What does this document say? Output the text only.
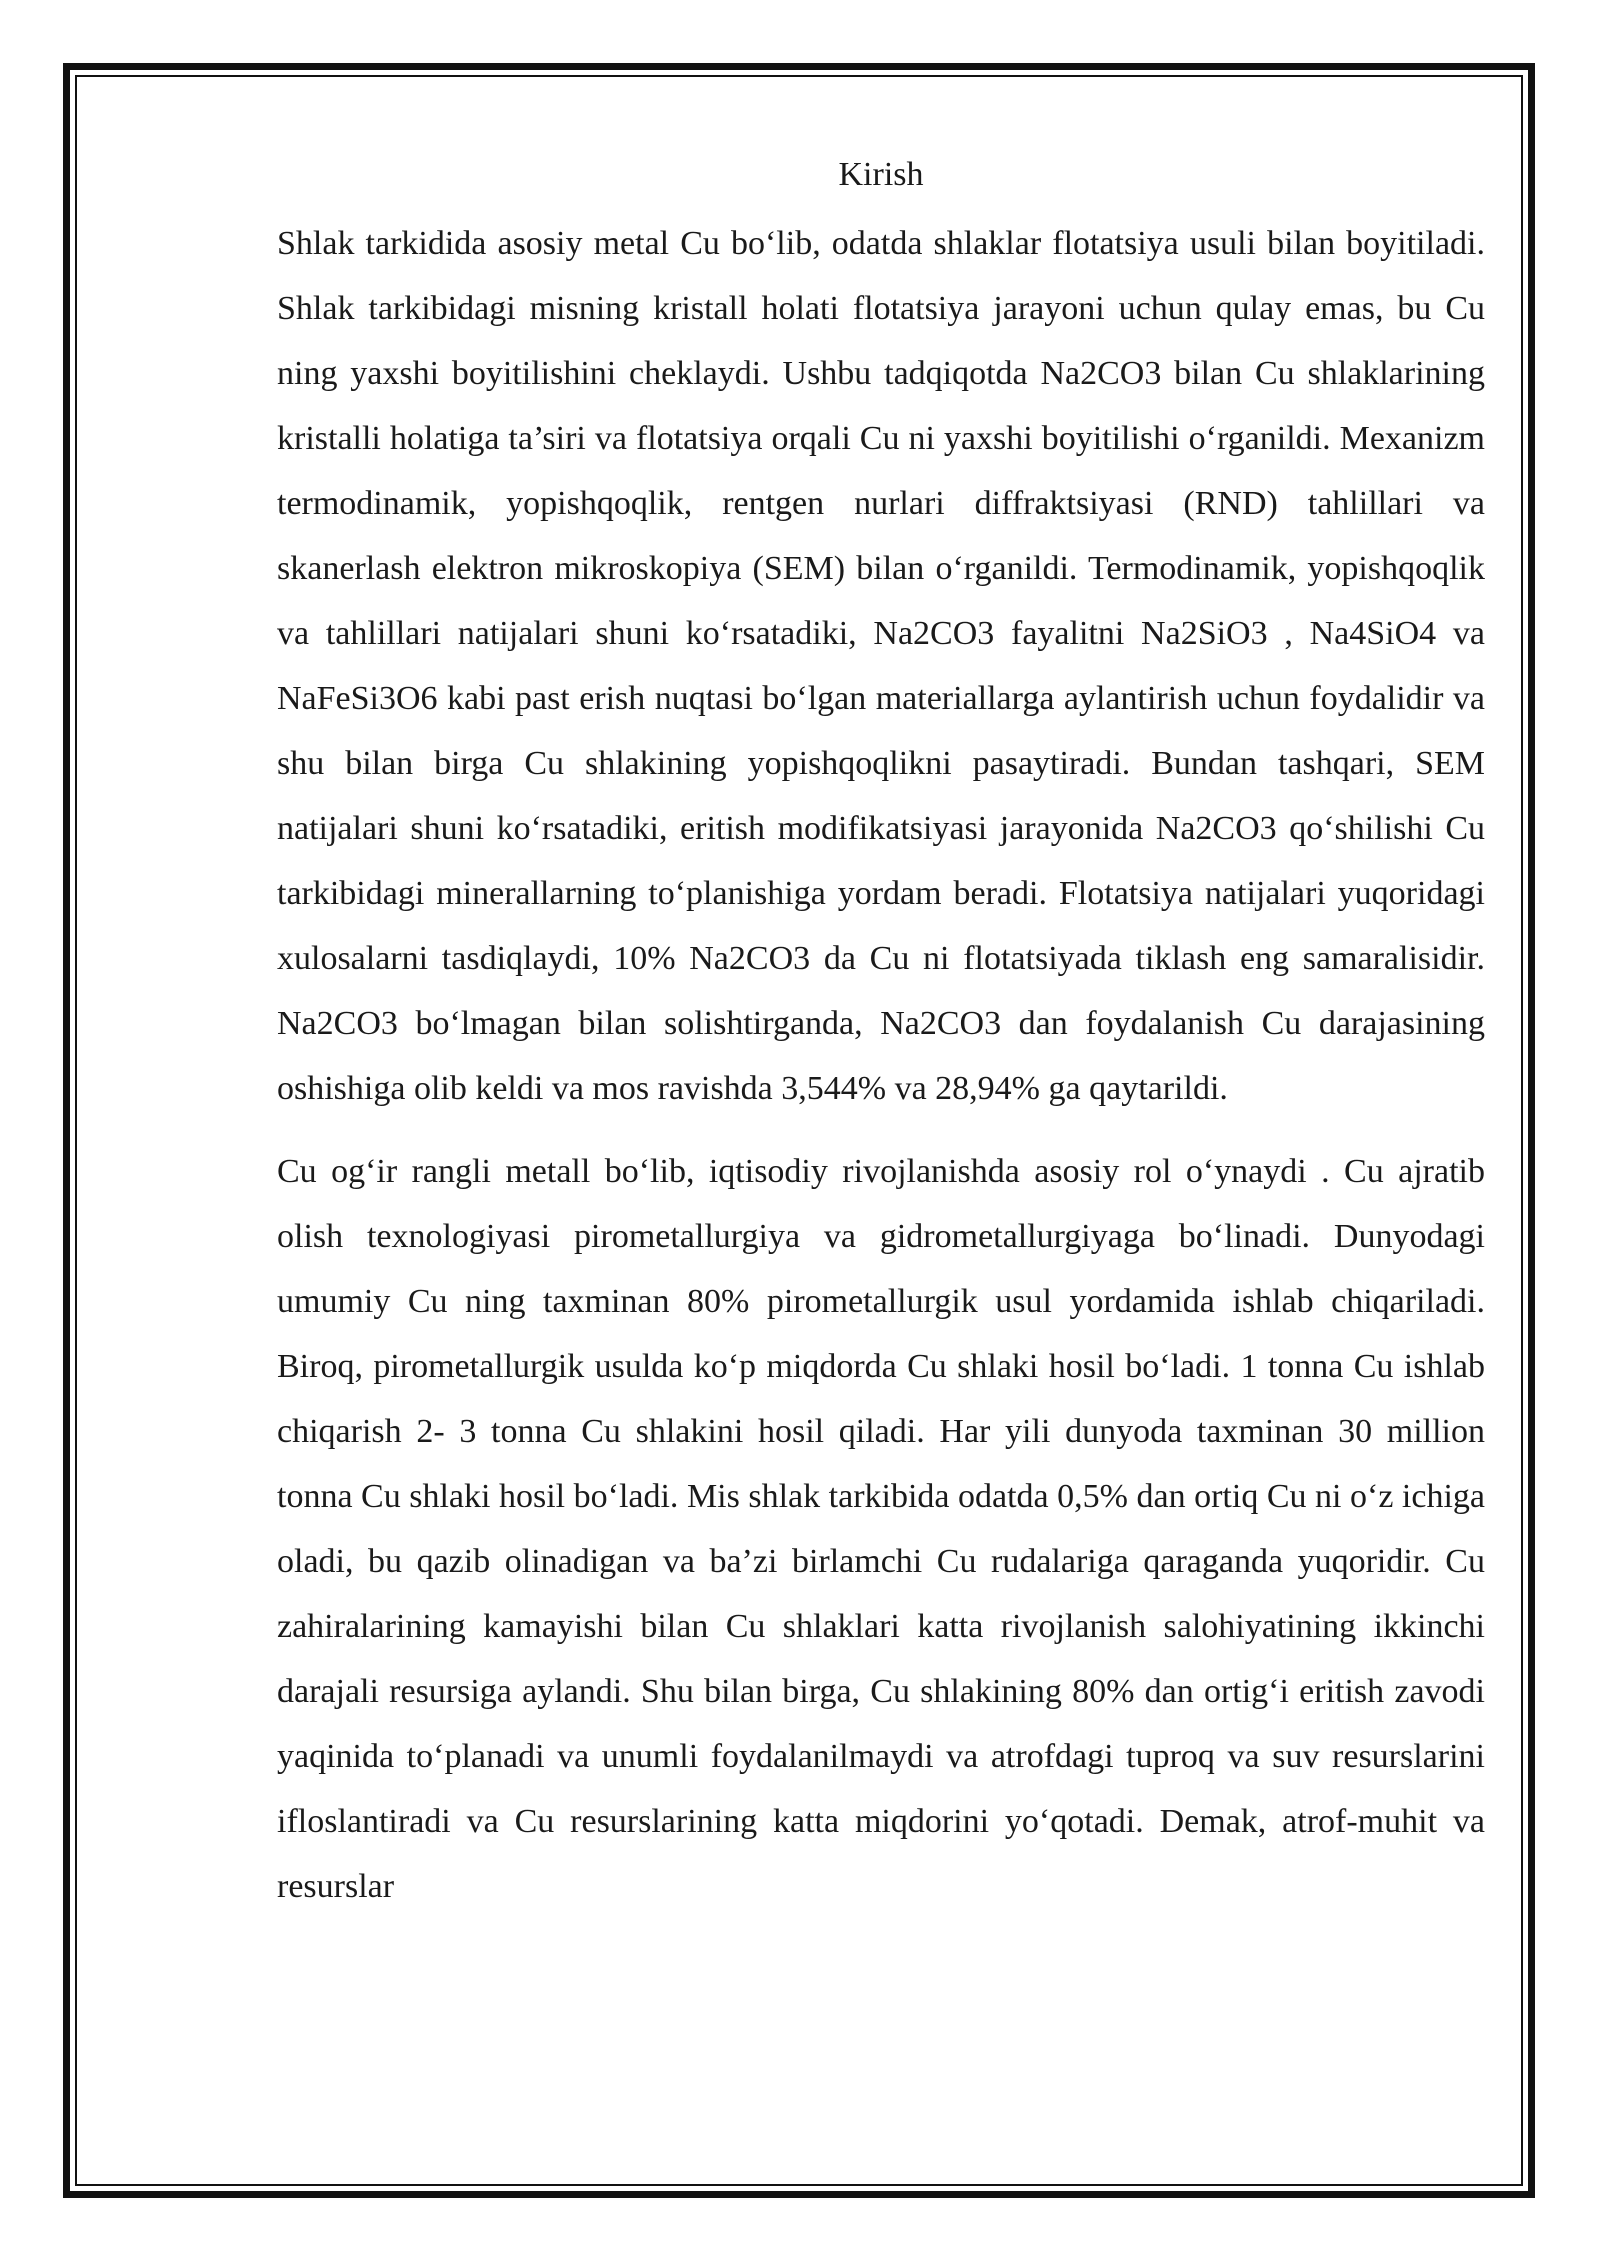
Kirish

Shlak tarkidida asosiy metal Cu bo‘lib, odatda shlaklar flotatsiya usuli bilan boyitiladi. Shlak tarkibidagi misning kristall holati flotatsiya jarayoni uchun qulay emas, bu Cu ning yaxshi boyitilishini cheklaydi. Ushbu tadqiqotda Na2CO3 bilan Cu shlaklarining kristalli holatiga ta’siri va flotatsiya orqali Cu ni yaxshi boyitilishi o‘rganildi. Mexanizm termodinamik, yopishqoqlik, rentgen nurlari diffraktsiyasi (RND) tahlillari va skanerlash elektron mikroskopiya (SEM) bilan o‘rganildi. Termodinamik, yopishqoqlik va tahlillari natijalari shuni ko‘rsatadiki, Na2CO3 fayalitni Na2SiO3 , Na4SiO4 va NaFeSi3O6 kabi past erish nuqtasi bo‘lgan materiallarga aylantirish uchun foydalidir va shu bilan birga Cu shlakining yopishqoqlikni pasaytiradi. Bundan tashqari, SEM natijalari shuni ko‘rsatadiki, eritish modifikatsiyasi jarayonida Na2CO3 qo‘shilishi Cu tarkibidagi minerallarning to‘planishiga yordam beradi. Flotatsiya natijalari yuqoridagi xulosalarni tasdiqlaydi, 10% Na2CO3 da Cu ni flotatsiyada tiklash eng samaralisidir. Na2CO3 bo‘lmagan bilan solishtirganda, Na2CO3 dan foydalanish Cu darajasining oshishiga olib keldi va mos ravishda 3,544% va 28,94% ga qaytarildi.

Cu og‘ir rangli metall bo‘lib, iqtisodiy rivojlanishda asosiy rol o‘ynaydi . Cu ajratib olish texnologiyasi pirometallurgiya va gidrometallurgiyaga bo‘linadi. Dunyodagi umumiy Cu ning taxminan 80% pirometallurgik usul yordamida ishlab chiqariladi. Biroq, pirometallurgik usulda ko‘p miqdorda Cu shlaki hosil bo‘ladi. 1 tonna Cu ishlab chiqarish 2- 3 tonna Cu shlakini hosil qiladi. Har yili dunyoda taxminan 30 million tonna Cu shlaki hosil bo‘ladi. Mis shlak tarkibida odatda 0,5% dan ortiq Cu ni o‘z ichiga oladi, bu qazib olinadigan va ba’zi birlamchi Cu rudalariga qaraganda yuqoridir. Cu zahiralarining kamayishi bilan Cu shlaklari katta rivojlanish salohiyatining ikkinchi darajali resursiga aylandi. Shu bilan birga, Cu shlakining 80% dan ortig‘i eritish zavodi yaqinida to‘planadi va unumli foydalanilmaydi va atrofdagi tuproq va suv resurslarini ifloslantiradi va Cu resurslarining katta miqdorini yo‘qotadi. Demak, atrof-muhit va resurslar
